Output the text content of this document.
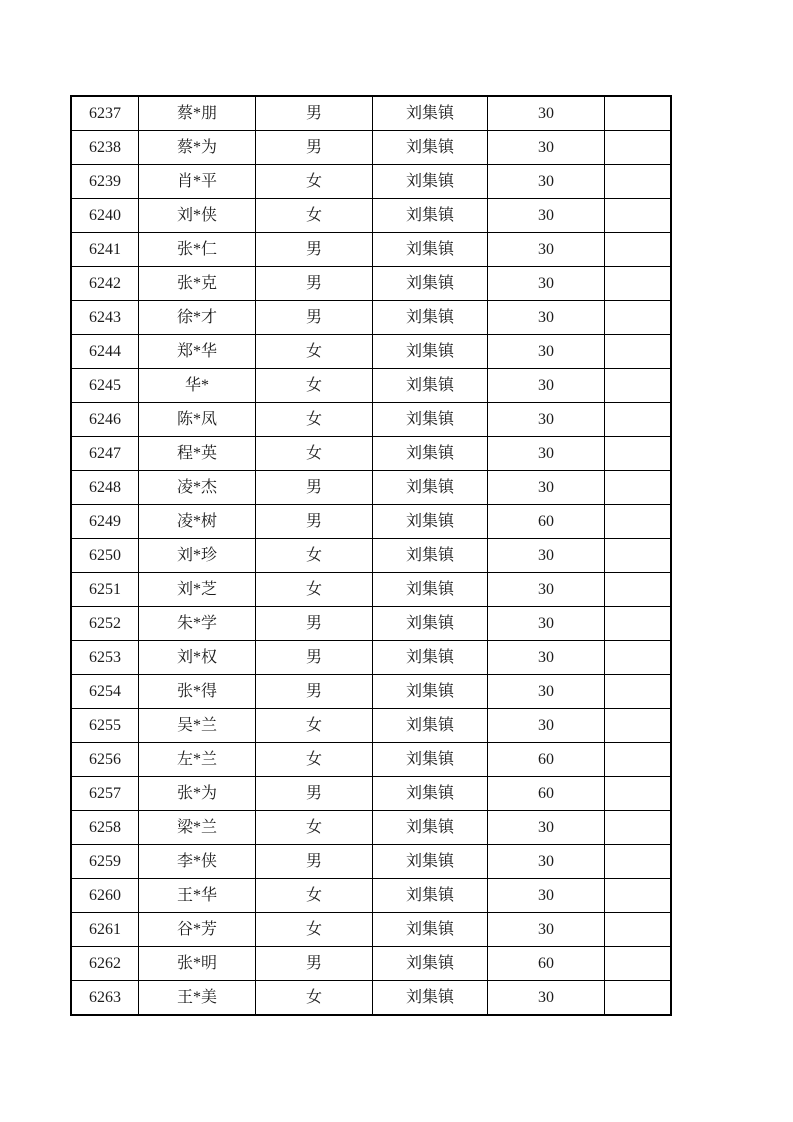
6237	蔡*朋	男	刘集镇	30	
6238	蔡*为	男	刘集镇	30	
6239	肖*平	女	刘集镇	30	
6240	刘*侠	女	刘集镇	30	
6241	张*仁	男	刘集镇	30	
6242	张*克	男	刘集镇	30	
6243	徐*才	男	刘集镇	30	
6244	郑*华	女	刘集镇	30	
6245	华*	女	刘集镇	30	
6246	陈*凤	女	刘集镇	30	
6247	程*英	女	刘集镇	30	
6248	凌*杰	男	刘集镇	30	
6249	凌*树	男	刘集镇	60	
6250	刘*珍	女	刘集镇	30	
6251	刘*芝	女	刘集镇	30	
6252	朱*学	男	刘集镇	30	
6253	刘*权	男	刘集镇	30	
6254	张*得	男	刘集镇	30	
6255	吴*兰	女	刘集镇	30	
6256	左*兰	女	刘集镇	60	
6257	张*为	男	刘集镇	60	
6258	梁*兰	女	刘集镇	30	
6259	李*侠	男	刘集镇	30	
6260	王*华	女	刘集镇	30	
6261	谷*芳	女	刘集镇	30	
6262	张*明	男	刘集镇	60	
6263	王*美	女	刘集镇	30	
